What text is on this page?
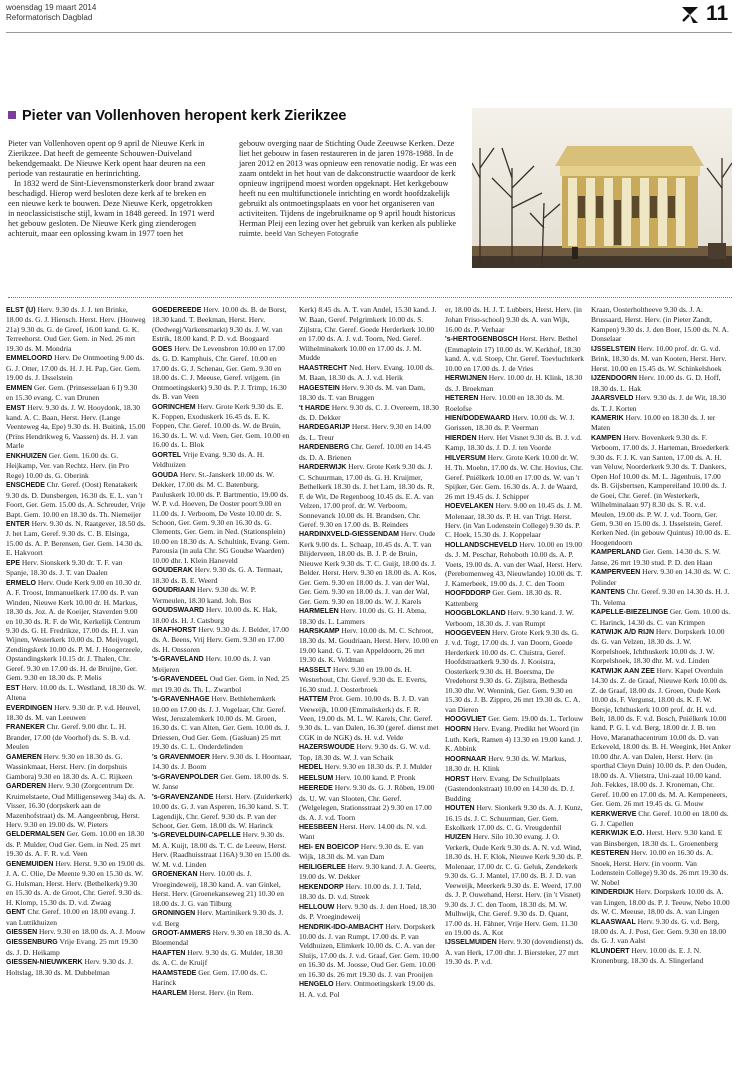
woensdag 19 maart 2014
Reformatorisch Dagblad	11
Pieter van Vollenhoven heropent kerk Zierikzee

Pieter van Vollenhoven opent op 9 april de Nieuwe Kerk in Zierikzee. Dat heeft de gemeente Schouwen-Duiveland bekendgemaakt. De Nieuwe Kerk opent haar deuren na een periode van restauratie en herinrichting.

In 1832 werd de Sint-Lievensmonsterkerk door brand zwaar beschadigd. Hierop werd besloten deze kerk af te breken en een nieuwe kerk te bouwen. Deze Nieuwe Kerk, opgetrokken in neoclassicistische stijl, kwam in 1848 gereed. In 1971 werd het gebouw gesloten. De Nieuwe Kerk ging zienderogen achteruit, maar een oplossing kwam in 1977 toen het

gebouw overging naar de Stichting Oude Zeeuwse Kerken. Deze liet het gebouw in fasen restaureren in de jaren 1978-1988. In de jaren 2012 en 2013 was opnieuw een renovatie nodig. Er was een zaam ontdekt in het hout van de dakconstructie waardoor de kerk opnieuw ingrijpend moest worden opgeknapt. Het kerkgebouw heeft nu een multifunctionele inrichting en wordt hoofdzakelijk gebruikt als ontmoetingsplaats en voor het organiseren van activiteiten. Tijdens de ingebruikname op 9 april houdt historicus Herman Pleij een lezing over het gebruik van kerken als publieke ruimte. beeld Van Scheyen Fotografie

ELST (U) Herv. 9.30 ds. J. J. ten Brinke, 18.00 ds. G. J. Hiensch. Herst. Herv. (Houweg 21a) 9.30 ds. G. de Greef, 16.00 kand. G. K. Terreehorst. Oud Ger. Gem. in Ned. 26 mrt 19.30 ds. M. Mondria
EMMELOORD Herv. De Ontmoeting 9.00 ds. G. J. Otter, 17.00 ds. H. J. H. Pap, Ger. Gem. 19.00 ds. J. IJsselstein
EMMEN Ger. Gem. (Prinsesselaan 6 I) 9.30 en 15.30 evang. C. van Drunen
EMST Herv. 9.30 ds. J. W. Hooydonk, 18.30 kand. A. C. Baan, Herst. Herv. (Lange Veenteweg 4a, Epe) 9.30 ds. H. Buitink, 15.00 (Prins Hendrikweg 6, Vaassen) ds. H. J. van Marle
ENKHUIZEN Ger. Gem. 16.00 ds. G. Heijkamp, Ver. van Rechtz. Herv. (in Pro Rege) 10.00 ds. G. Oberink
ENSCHEDE Chr. Geref. (Oost) Renatakerk 9.30 ds. D. Dunsbergen, 16.30 ds. E. L. van 't Foort, Ger. Gem. 15.00 ds. A. Schreuder, Vrije Bapt. Gem. 10.00 en 18.30 ds. Th. Niemeijer
ENTER Herv. 9.30 ds. N. Raatgever, 18.50 ds. J. het Lam, Geref. 9.30 ds. C. B. Elsinga, 15.00 ds. A. P. Berensen, Ger. Gem. 14.30 ds. E. Hakvoort
EPE Herv. Sionskerk 9.30 dr. T. F. van Spanje, 18.30 ds. J. T. van Daalen
ERMELO Herv. Oude Kerk 9.00 en 10.30 dr. A. F. Troost, Immanuelkerk 17.00 ds. P. van Winden, Nieuwe Kerk 10.00 dr. H. Markus, 18.30 ds. Joz. A. de Koeijer, Staverden 9.00 en 10.30 ds. R. F. de Wit, Kerkelijk Centrum 9.30 ds. G. H. Fredrikze, 17.00 ds. H. J. van Wijnen, Westerkerk 10.00 ds. D. Meijvogel, Zendingskerk 10.00 ds. P. M. J. Hoogerzeele, Opstandingskerk 10.15 dr. J. Thalen, Chr. Geref. 9.30 en 17.00 ds. H. de Bruijne, Ger. Gem. 9.30 en 18.30 ds. P. Melis
EST Herv. 10.00 ds. L. Westland, 18.30 ds. W. Altena
EVERDINGEN Herv. 9.30 dr. P. v.d. Heuvel, 18.30 ds. M. van Leeuwen
FRANEKER Chr. Geref. 9.00 dhr. L. H. Brander, 17.00 (de Voorhof) ds. S. B. v.d. Meulen
GAMEREN Herv. 9.30 en 18.30 ds. G. Wassinkmaat, Herst. Herv. (in dorpshuis Gambora) 9.30 en 18.30 ds. A. C. Rijkeen
GARDEREN Herv. 9.30 (Zorgcentrum Dr. Kruimelstaete, Oud Milligenseweg 34a) ds. A. Visser, 16.30 (dorpskerk aan de Mazenhofstraat) ds. M. Aangeenbrug, Herst. Herv. 9.30 en 19.00 ds. W. Pieters
GELDERMALSEN Ger. Gem. 10.00 en 18.30 ds. P. Mulder, Oud Ger. Gem. in Ned. 25 mrt 19.30 ds. A. F. R. v.d. Veen
GENEMUIDEN Herv. Herst. 9.30 en 19.00 ds. J. A. C. Olie, De Meente 9.30 en 15.30 ds. W. G. Hulsman, Herst. Herv. (Bethelkerk) 9.30 en 15.30 ds. A. de Groot, Chr. Geref. 9.30 ds. H. Klomp, 15.30 ds. D. v.d. Zwaag
GENT Chr. Geref. 10.00 en 18.00 evang. J. van Luttikhuizen
GIESSEN Herv. 9.30 en 18.00 ds. A. J. Mouw
GIESSENBURG Vrije Evang. 25 mrt 19.30 ds. J. D. Heikamp
GIESSEN-NIEUWKERK Herv. 9.30 ds. J. Holtslag, 18.30 ds. M. Dubbelman
GOEDEREEDE Herv. 10.00 ds. B. de Borst, 18.30 kand. T. Beekman, Herst. Herv. (Oedwegj/Varkensmarkt) 9.30 ds. J. W. van Estrik, 18.00 kand. P. D. v.d. Boogaard
GOES Herv. De Levensbron 10.00 en 17.00 ds. G. D. Kamphuis, Chr. Geref. 10.00 en 17.00 ds. G. J. Schenau, Ger. Gem. 9.30 en 18.00 ds. C. J. Meeuse, Geref. vrijgem. (in Ontmoetingskerk) 9.30 ds. P. J. Trimp, 16.30 ds. B. van Veen
GORINCHEM Herv. Grote Kerk 9.30 ds. E. K. Foppen, Exoduskerk 16.45 ds. E. K. Foppen, Chr. Geref. 10.00 ds. W. de Bruin, 16.30 ds. L. W. v.d. Veen, Ger. Gem. 10.00 en 16.00 ds. L. Blok
GORTEL Vrije Evang. 9.30 ds. A. H. Veldhuizen
GOUDA Herv. St.-Janskerk 10.00 ds. W. Dekker, 17.00 ds. M. C. Batenburg, Pauluskerk 10.00 ds. P. Bartmentio, 19.00 ds. W. P. v.d. Hoeven, De Ooster poort 9.00 en 11.00 ds. J. Verboom, De Veste 10.00 dr. S. Schoon, Ger. Gem. 9.30 en 16.30 ds. G. Clements, Ger. Gem. in Ned. (Stationsplein) 10.00 en 18.30 ds. A. Schultink, Evang. Gem. Parousia (in aula Chr. SG Goudse Waarden) 10.00 dhr. I. Klein Haneveld
GOUDERAK Herv. 9.30 ds. G. A. Termaat, 18.30 ds. B. E. Weerd
GOUDRIAAN Herv. 9.30 ds. W. P. Vermeulen, 18.30 kand. Joh. Bos
GOUDSWAARD Herv. 10.00 ds. K. Hak, 18.00 ds. H. J. Catsburg
GRAFHORST Herv. 9.30 ds. J. Belder, 17.00 ds. A. Beens, Vrij Herv. Gem. 9.30 en 17.00 ds. H. Onssoren
's-GRAVELAND Herv. 10.00 ds. J. van Meijeren
's-GRAVENDEEL Oud Ger. Gem. in Ned. 25 mrt 19.30 ds. Th. L. Zwartbol
's-GRAVENHAGE Herv. Bethlehemkerk 10.00 en 17.00 ds. J. J. Vogelaar, Chr. Geref. West, Jeruzalemkerk 10.00 ds. M. Groen, 16.30 ds. C. van Alten, Ger. Gem. 10.00 ds. J. Driessen, Oud Ger. Gem. (Gasluan) 25 mrt 19.30 ds. C. L. Onderdelinden
's GRAVENMOER Herv. 9.30 ds. I. Hoornaar, 14.30 ds. J. Boom
's-GRAVENPOLDER Ger. Gem. 18.00 ds. S. W. Janse
's-GRAVENZANDE Herst. Herv. (Zuiderkerk) 10.00 ds. G. J. van Asperen, 16.30 kand. S. T. Lagendijk, Chr. Geref. 9.30 ds. P. van der Schoot, Ger. Gem. 18.00 ds. W. Harinck
's-GREVELDUIN-CAPELLE Herv. 9.30 ds. M. A. Kuijt, 18.00 ds. T. C. de Leeuw, Herst. Herv. (Raadhuisstraat 116A) 9.30 en 15.00 ds. W. M. v.d. Linden
GROENEKAN Herv. 10.00 ds. J. Vroegindeweij, 18.30 kand. A. van Ginkel, Herst. Herv. (Groenekanseweg 21) 10.30 en 18.00 ds. J. G. van Tilburg
GRONINGEN Herv. Martinikerk 9.30 ds. J. v.d. Berg
GROOT-AMMERS Herv. 9.30 en 18.30 ds. A. Bloemendal
HAAFTEN Herv. 9.30 ds. G. Mulder, 18.30 ds. A. C. de Kruijf
HAAMSTEDE Ger. Gem. 17.00 ds. C. Harinck
HAARLEM Herst. Herv. (in Rem.
Kerk) 8.45 ds. A. T. van Andel, 15.30 kand. J. W. Baan, Geref. Pelgrimkerk 10.00 ds. S. Zijlstra, Chr. Geref. Goede Herderkerk 10.00 en 17.00 ds. A. J. v.d. Toorn, Ned. Geref. Wilhelminakerk 10.00 en 17.00 ds. J. M. Mudde
HAASTRECHT Ned. Herv. Evang. 10.00 ds. M. Baan, 18.30 ds. A. J. v.d. Herik
HAGESTEIN Herv. 9.30 ds. M. van Dam, 18.30 ds. T. van Bruggen
't HARDE Herv. 9.30 ds. C. J. Overeem, 18.30 ds. D. Dekker
HARDEGARIJP Herst. Herv. 9.30 en 14.00 ds. L. Treur
HARDENBERG Chr. Geref. 10.00 en 14.45 ds. D. A. Brienen
HARDERWIJK Herv. Grote Kerk 9.30 ds. J. C. Schuurman, 17.00 ds. G. H. Kruijmer, Bethelkerk 18.30 ds. J. het Lam, 18.30 ds. R. F. de Wit, De Regenboog 10.45 ds. E. A. van Velzen, 17.00 prof. dr. W. Verboom, Sonnevanck 10.00 ds. H. Brandsen, Chr. Geref. 9.30 en 17.00 ds. B. Reinders
HARDINXVELD-GIESSENDAM Herv. Oude Kerk 9.00 ds. L. Schaap, 10.45 ds. A. T. van Blijderveen, 18.00 ds. B. J. P. de Bruin, Nieuwe Kerk 9.30 ds. T. C. Guijt, 18.00 ds. J. Belder. Herst. Herv. 9.30 en 18.00 ds. A. Kos, Ger. Gem. 9.30 en 18.00 ds. J. van der Wal, Ger. Gem. 9.30 en 18.00 ds. J. van der Wal, Ger. Gem. 9.30 en 18.00 ds. W. J. Karels
HARMELEN Herv. 10.00 ds. G. H. Abma, 18.30 ds. L. Lammers
HARSKAMP Herv. 10.00 ds. M. C. Schroot, 18.30 ds. M. Goudriaan, Herst. Herv. 10.00 en 19.00 kand. G. T. van Appeldoorn, 26 mrt 19.30 ds. K. Veldman
HASSELT Herv. 9.30 en 19.00 ds. H. Westerhout, Chr. Geref. 9.30 ds. E. Everts, 16.30 stud. J. Oosterbroek
HATTEM Prot. Gem. 10.00 ds. B. J. D. van Veeweijk, 10.00 (Emmaüskerk) ds. F. R. Veen, 19.00 ds. M. L. W. Karels, Chr. Geref. 9.30 ds. L. van Dalen, 16.30 (geref. dienst met CGK in de NGK) ds. H. v.d. Velde
HAZERSWOUDE Herv. 9.30 ds. G. W. v.d. Top, 18.30 ds. W. J. van Schaik
HEDEL Herv. 9.30 en 18.30 ds. P. J. Mulder
HEELSUM Herv. 10.00 kand. P. Pronk
HEEREDE Herv. 9.30 ds. G. J. Röben, 19.00 ds. U. W. van Slooten, Chr. Geref. (Welgelegen, Stationsstraat 2) 9.30 en 17.00 ds. A. J. v.d. Toorn
HEESBEEN Herst. Herv. 14.00 ds. N. v.d. Want
HEI- EN BOEICOP Herv. 9.30 ds. E. van Wijk, 18.30 ds. M. van Dam
HEILIGERLEE Herv. 9.30 kand. J. A. Geerts, 19.00 ds. W. Dekker
HEKENDORP Herv. 10.00 ds. J. J. Teld, 18.30 ds. D. v.d. Streek
HELLOUW Herv. 9.30 ds. J. den Hoed, 18.30 ds. P. Vroegindeweij
HENDRIK-IDO-AMBACHT Herv. Dorpskerk 10.00 ds. J. van Rumpt, 17.00 ds. P. van Veldhuizen, Elimkerk 10.00 ds. C. A. van der Sluijs, 17.00 ds. J. v.d. Graaf, Ger. Gem. 10.00 en 16.30 ds. M. Joosse, Oud Ger. Gem. 10.00 en 16.30 ds. 26 mrt 19.30 ds. J. van Prooijen
HENGELO Herv. Ontmoetingskerk 19.00 ds. H. A. v.d. Pol
er, 18.00 ds. H. J. T. Lubbers, Herst. Herv. (in Johan Friso-school) 9.30 ds. A. van Wijk, 16.00 ds. P. Verhaar
's-HERTOGENBOSCH Herst. Herv. Bethel (Emmaplein 17) 10.00 ds. W. Kerkhof, 18.30 kand. A. v.d. Stoep, Chr. Geref. Toevluchtkerk 10.00 en 17.00 ds. J. de Vries
HERWIJNEN Herv. 10.00 dr. H. Klink, 18.30 ds. J. Broekman
HETEREN Herv. 10.00 en 18.30 ds. M. Roelofse
HIEN/DODEWAARD Herv. 10.00 ds. W. J. Gorissen, 18.30 ds. P. Veerman
HIERDEN Herv. Het Visnet 9.30 ds. B. J. v.d. Kamp, 18.30 ds. J. D. J. ten Voorde
HILVERSUM Herv. Grote Kerk 10.00 dr. W. H. Th. Moehn, 17.00 ds. W. Chr. Hovius, Chr. Geref. Pniëlkerk 10.00 en 17.00 ds. W. van 't Spijker, Ger. Gem. 16.30 ds. A. J. de Waard, 26 mrt 19.45 ds. J. Schipper
HOEVELAKEN Herv. 9.00 en 10.45 ds. J. M. Molenaar, 18.30 ds. P. H. van Trigt. Herst. Herv. (in Van Lodenstein College) 9.30 ds. P. C. Hoek, 15.30 ds. J. Koppelaar
HOLLANDSCHEVELD Herv. 10.00 en 19.00 ds. J. M. Peschar, Rehoboth 10.00 ds. A. P. Voets, 19.00 ds. A. van der Waal, Herst. Herv. (Perebomenweg 43, Nieuwlande) 10.00 ds. T. J. Kamerbeek, 19.00 ds. J. C. den Toom
HOOFDDORP Ger. Gem. 18.30 ds. R. Kattenberg
HOOGBLOKLAND Herv. 9.30 kand. J. W. Verboom, 18.30 ds. J. van Rumpt
HOOGEVEEN Herv. Grote Kerk 9.30 ds. G. J. v.d. Togt, 17.00 ds. J. van Doorn, Goede Herderkerk 10.00 ds. C. Cluistra, Geref. Hoofdstraatkerk 9.30 ds. J. Kooistra, Oosterkerk 9.30 ds. H. Boersma, De Vredehorst 9.30 ds. G. Zijlstra, Bethesda 10.30 dhr. W. Wennink, Ger. Gem. 9.30 en 15.30 ds. J. B. Zippro, 26 mrt 19.30 ds. C. A. van Dieren
HOOGVLIET Ger. Gem. 19.00 ds. L. Terlouw
HOORN Herv. Evang. Predikt het Woord (in Luth. Kerk, Ramen 4) 13.30 en 19.00 kand. J. K. Abbink
HOORNAAR Herv. 9.30 ds. W. Markus, 18.30 dr. H. Klink
HORST Herv. Evang. De Schuilplaats (Gastendonkstraat) 10.00 en 14.30 ds. D. J. Budding
HOUTEN Herv. Sionkerk 9.30 ds. A. J. Kunz, 16.15 ds. J. C. Schuurman, Ger. Gem. Eskolkerk 17.00 ds. C. G. Vreugdenhil
HUIZEN Herv. Silo 10.30 evang. J. O. Verkerk, Oude Kerk 9.30 ds. A. N. v.d. Wind, 18.30 ds. H. F. Klok, Nieuwe Kerk 9.30 ds. P. Molenaar, 17.00 dr. C. G. Geluk, Zendekerk 9.30 ds. G. J. Mantel, 17.00 ds. B. J. D. van Veeweijk, Meerkerk 9.30 ds. E. Weerd, 17.00 ds. J. P. Ouwehand, Herst. Herv. (in 't Visnet) 9.30 ds. J. C. den Toom, 18.30 ds. M. W. Mulhwijk, Chr. Geref. 9.30 ds. D. Quant, 17.00 ds. H. Fähner, Vrije Herv. Gem. 11.30 en 19.00 ds. A. Kot
IJSSELMUIDEN Herv. 9.30 (dovendienst) ds. A. van Herk, 17.00 dhr. J. Biersteker, 27 mrt 19.30 ds. P. v.d.
Kraan, Oosterholtheeve 9.30 ds. J. A. Brussaard, Herst. Herv. (in Pieter Zandt, Kampen) 9.30 ds. J. den Boer, 15.00 ds. N. A. Donselaar
IJSSELSTEIN Herv. 10.00 prof. dr. G. v.d. Brink, 18.30 ds. M. van Kooten, Herst. Herv. Herst. 10.00 en 15.45 ds. W. Schinkelshoek
IJZENDOORN Herv. 10.00 ds. G. D. Hoff, 18.30 ds. L. Hak
JAARSVELD Herv. 9.30 ds. J. de Wit, 18.30 ds. T. J. Korten
KAMERIK Herv. 10.00 en 18.30 ds. J. ter Maten
KAMPEN Herv. Bovenkerk 9.30 ds. F. Verboom, 17.00 ds. J. Harteman, Broederkerk 9.30 ds. F. J. K. van Santen, 17.00 ds. A. H. van Veluw, Noorderkerk 9.30 ds. T. Dankers, Open Hof 10.00 ds. M. L. Jägenhuis, 17.00 ds. B. Gijsbertsen, Kampereiland 10.00 ds. J. de Goei, Chr. Geref. (in Westerkerk, Wilhelminalaan 97) 8.30 ds. S. R. v.d. Meulen, 19.00 ds. P. W. J. v.d. Toorn, Ger. Gem. 9.30 en 15.00 ds. J. IJsselstein, Geref. Kerken Ned. (in gebouw Quintus) 10.00 ds. E. Hoogendoorn
KAMPERLAND Ger. Gem. 14.30 ds. S. W. Janse, 26 mrt 19.30 stud. P. D. den Haan
KAMPERVEEN Herv. 9.30 en 14.30 ds. W. C. Polinder
KANTENS Chr. Geref. 9.30 en 14.30 ds. H. J. Th. Velema
KAPELLE-BIEZELINGE Ger. Gem. 10.00 ds. C. Harinck, 14.30 ds. C. van Krimpen
KATWIJK A/D RIJN Herv. Dorpskerk 10.00 ds. G. van Velzen, 18.30 ds. J. W. Korpelshoek, Ichthuskerk 10.00 ds. J. W. Korpelshoek, 18.30 dhr. M. v.d. Linden
KATWIJK AAN ZEE Herv. Kapel Overduin 14.30 ds. Z. de Graaf, Nieuwe Kerk 10.00 ds. Z. de Graaf, 18.00 ds. J. Groen, Oude Kerk 10.00 ds. F. Vergunst, 18.00 ds. K. F. W. Borsje, Ichthuskerk 10.00 prof. dr. H. v.d. Belt, 18.00 ds. F. v.d. Bosch, Pniëlkerk 10.00 kand. P. G. I. v.d. Berg, 18.00 dr. J. B. ten Hove, Maranathacentrum 10.00 ds. D. van Eckeveld, 18.00 ds. B. H. Weegink, Het Anker 10.00 dhr. A. van Dalen, Herst. Herv. (in sporthal Cleyn Duin) 10.00 ds. P. den Ouden, 18.00 ds. A. Vlietstra, Uni-zaal 10.00 kand. Joh. Fekkes, 18.00 ds. J. Kroneman, Chr. Geref. 10.00 en 17.00 ds. M. A. Kempeneers, Ger. Gem. 26 mrt 19.45 ds. G. Mouw
KERKWERVE Chr. Geref. 10.00 en 18.00 ds. G. J. Capellen
KERKWIJK E.O. Herst. Herv. 9.30 kand. E van Binsbergen, 18.30 ds. L. Groenenberg
KESTEREN Herv. 10.00 en 16.30 ds. A. Snoek, Herst. Herv. (in voorm. Van Lodenstein College) 9.30 ds. 26 mrt 19.30 ds. W. Nobel
KINDERDIJK Herv. Dorpskerk 10.00 ds. A. van Lingen, 18.00 ds. P. J. Teeuw, Nebo 10.00 ds. W. C. Meeuse, 18.00 ds. A. van Lingen
KLAASWAAL Herv. 9.30 ds. G. v.d. Berg, 18.00 ds. A. J. Post, Ger. Gem. 9.30 en 18.00 ds. G. J. van Aalst
KLUNDERT Herv. 10.00 ds. E. J. N. Kronenburg, 18.30 ds. A. Slingerland
